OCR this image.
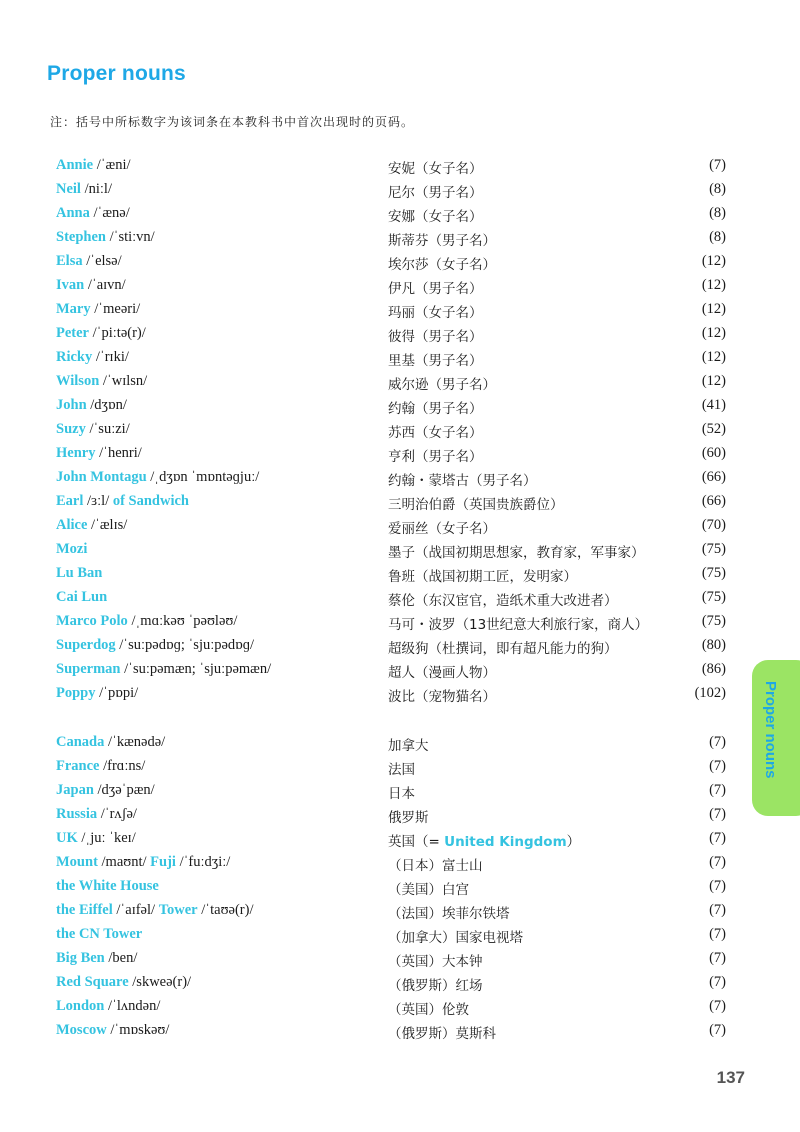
Proper nouns
注：括号中所标数字为该词条在本教科书中首次出现时的页码。
Annie /ˈæni/	安妮（女子名）	(7)
Neil /niːl/	尼尔（男子名）	(8)
Anna /ˈænə/	安娜（女子名）	(8)
Stephen /ˈstiːvn/	斯蒂芬（男子名）	(8)
Elsa /ˈelsə/	埃尔莎（女子名）	(12)
Ivan /ˈaɪvn/	伊凡（男子名）	(12)
Mary /ˈmeəri/	玛丽（女子名）	(12)
Peter /ˈpiːtə(r)/	彼得（男子名）	(12)
Ricky /ˈrɪki/	里基（男子名）	(12)
Wilson /ˈwɪlsn/	威尔逊（男子名）	(12)
John /dʒɒn/	约翰（男子名）	(41)
Suzy /ˈsuːzi/	苏西（女子名）	(52)
Henry /ˈhenri/	亨利（男子名）	(60)
John Montagu /ˌdʒɒn ˈmɒntəɡjuː/	约翰・蒙塔古（男子名）	(66)
Earl /ɜːl/ of Sandwich	三明治伯爵（英国贵族爵位）	(66)
Alice /ˈælɪs/	爱丽丝（女子名）	(70)
Mozi	墨子（战国初期思想家，教育家，军事家）	(75)
Lu Ban	鲁班（战国初期工匠，发明家）	(75)
Cai Lun	蔡伦（东汉宦官，造纸术重大改进者）	(75)
Marco Polo /ˌmɑːkəʊ ˈpəʊləʊ/	马可・波罗（13世纪意大利旅行家，商人）	(75)
Superdog /ˈsuːpədɒɡ; ˈsjuːpədɒɡ/	超级狗（杜撰词，即有超凡能力的狗）	(80)
Superman /ˈsuːpəmæn; ˈsjuːpəmæn/	超人（漫画人物）	(86)
Poppy /ˈpɒpi/	波比（宠物猫名）	(102)
Canada /ˈkænədə/	加拿大	(7)
France /frɑːns/	法国	(7)
Japan /dʒəˈpæn/	日本	(7)
Russia /ˈrʌʃə/	俄罗斯	(7)
UK /ˌjuː ˈkeɪ/	英国（= United Kingdom）	(7)
Mount /maʊnt/ Fuji /ˈfuːdʒiː/	（日本）富士山	(7)
the White House	（美国）白宫	(7)
the Eiffel /ˈaɪfəl/ Tower /ˈtaʊə(r)/	（法国）埃菲尔铁塔	(7)
the CN Tower	（加拿大）国家电视塔	(7)
Big Ben /ben/	（英国）大本钟	(7)
Red Square /skweə(r)/	（俄罗斯）红场	(7)
London /ˈlʌndən/	（英国）伦敦	(7)
Moscow /ˈmɒskəʊ/	（俄罗斯）莫斯科	(7)
Proper nouns
137
